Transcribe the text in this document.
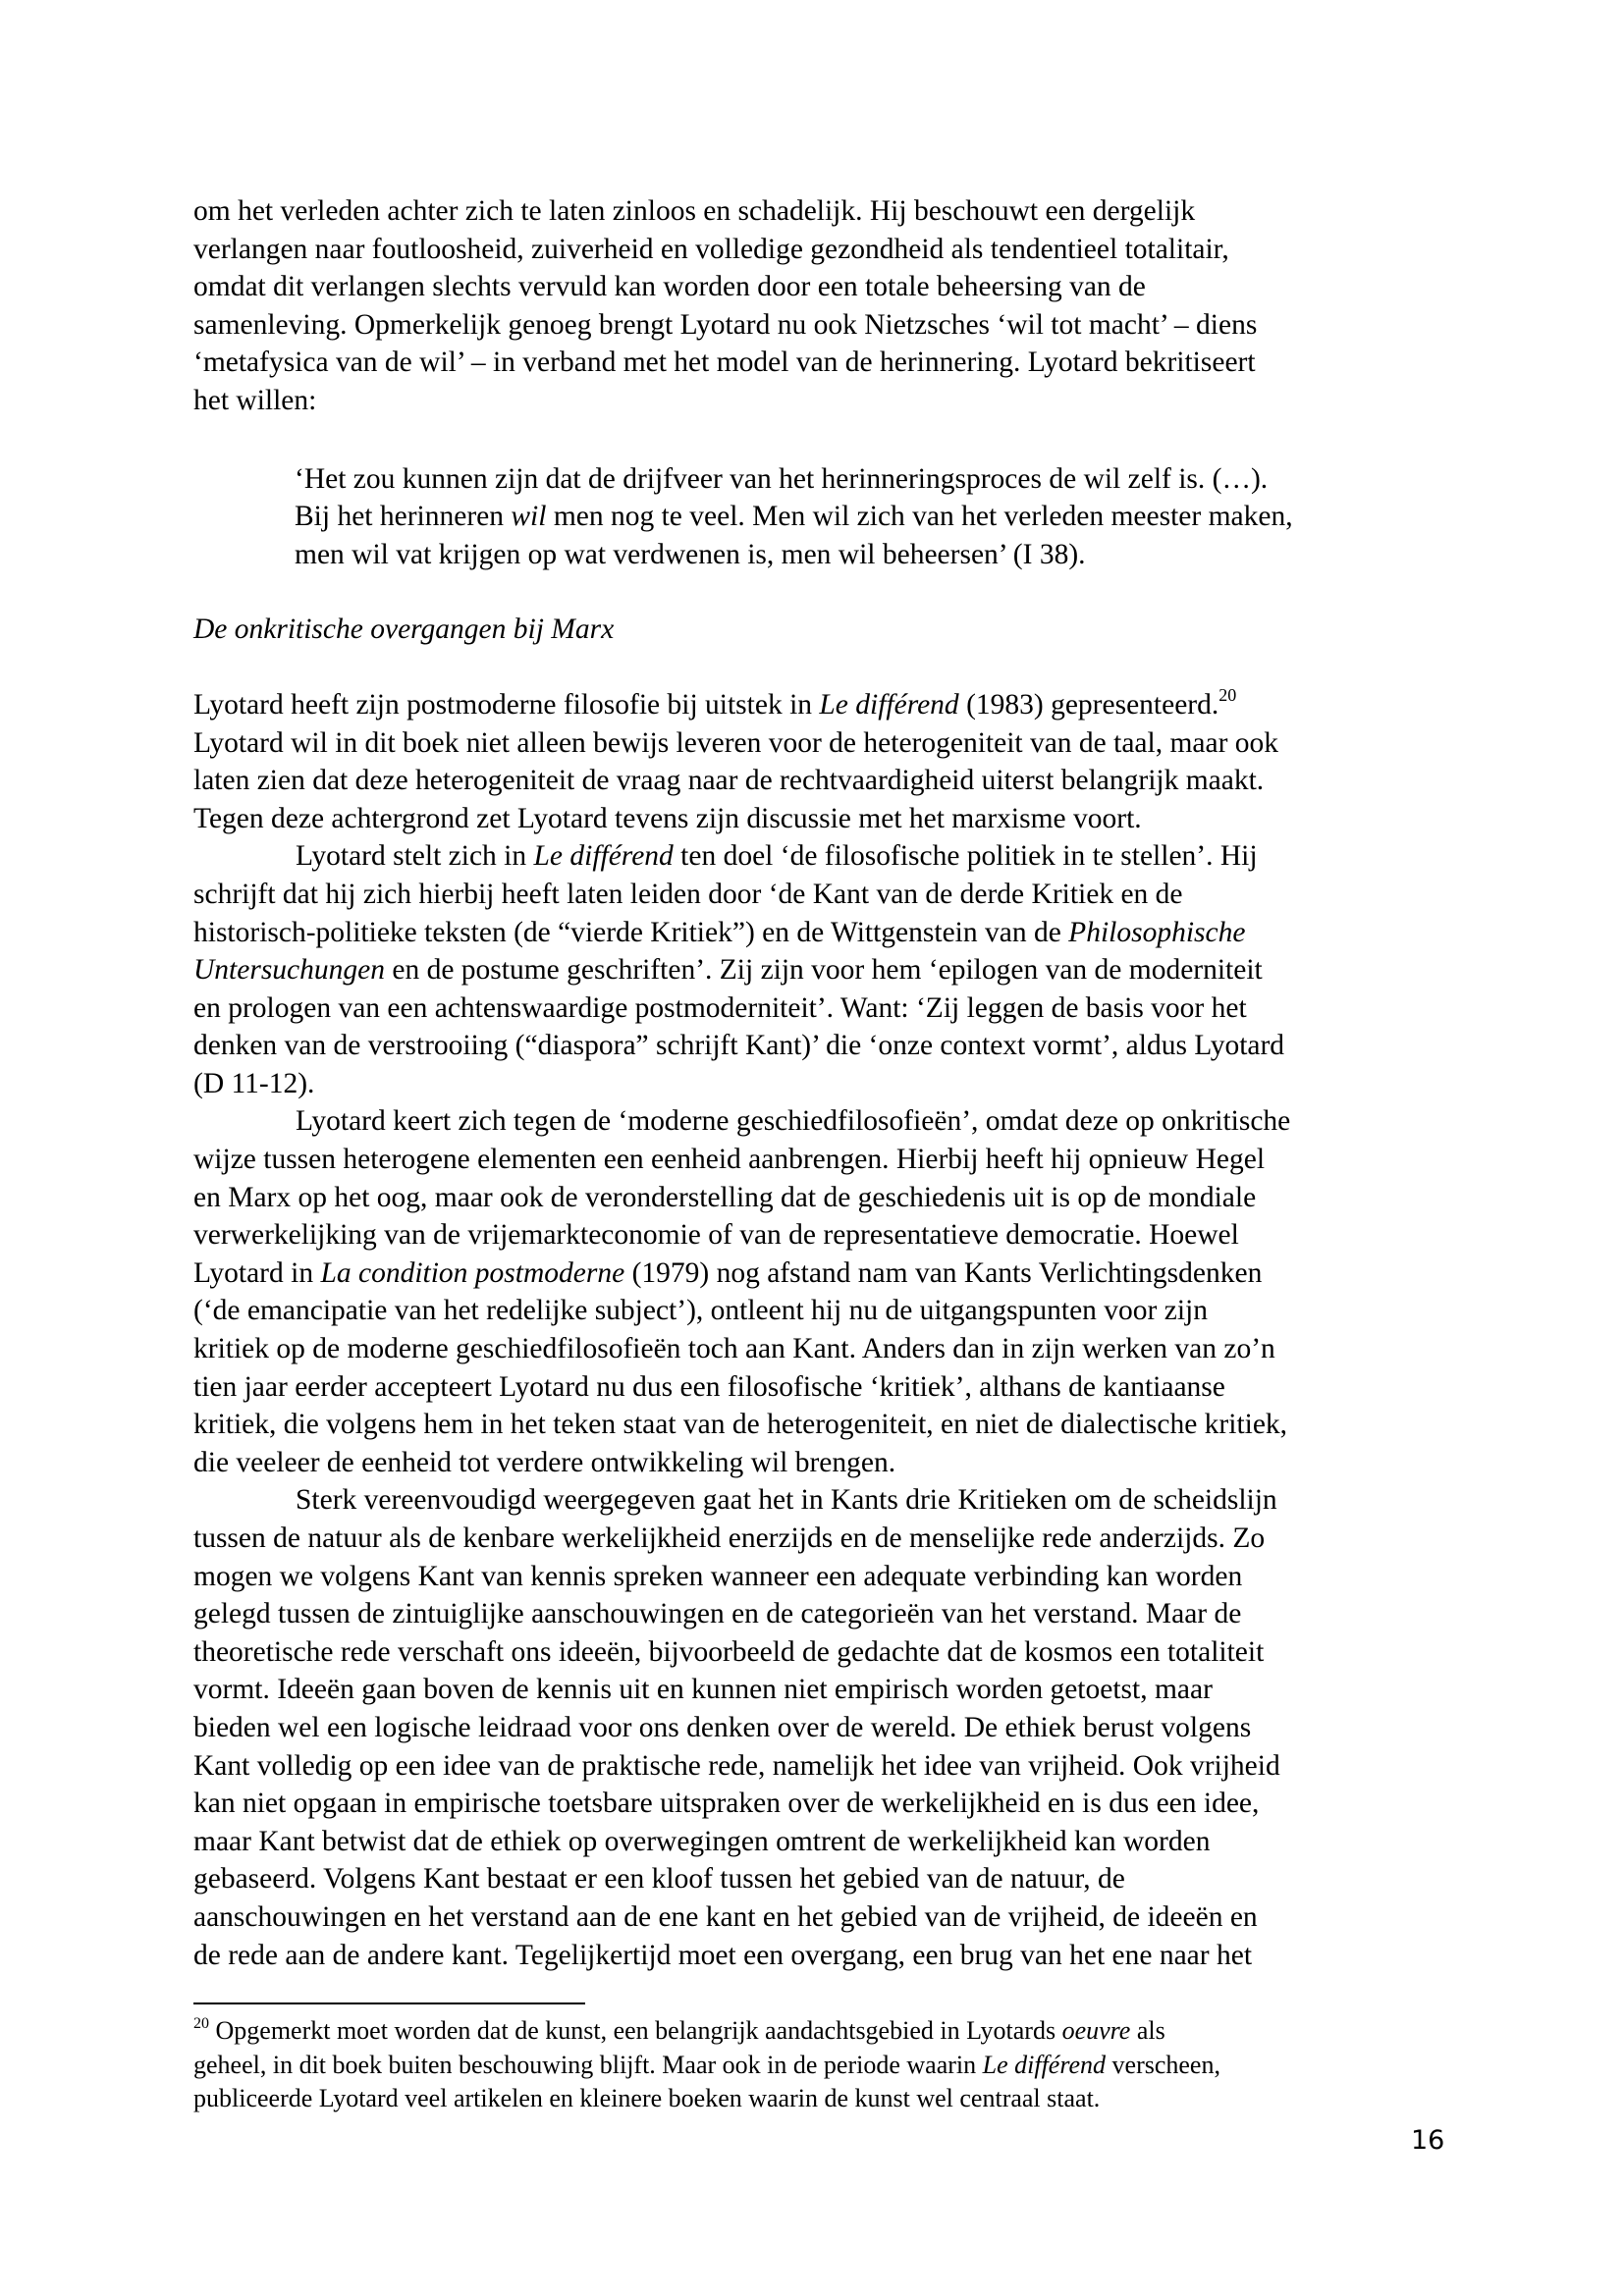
om het verleden achter zich te laten zinloos en schadelijk. Hij beschouwt een dergelijk
verlangen naar foutloosheid, zuiverheid en volledige gezondheid als tendentieel totalitair,
omdat dit verlangen slechts vervuld kan worden door een totale beheersing van de
samenleving. Opmerkelijk genoeg brengt Lyotard nu ook Nietzsches ‘wil tot macht’ – diens
‘metafysica van de wil’ – in verband met het model van de herinnering. Lyotard bekritiseert
het willen:

‘Het zou kunnen zijn dat de drijfveer van het herinneringsproces de wil zelf is. (…).
Bij het herinneren wil men nog te veel. Men wil zich van het verleden meester maken,
men wil vat krijgen op wat verdwenen is, men wil beheersen’ (I 38).

De onkritische overgangen bij Marx

Lyotard heeft zijn postmoderne filosofie bij uitstek in Le différend (1983) gepresenteerd.$^{20}$
Lyotard wil in dit boek niet alleen bewijs leveren voor de heterogeniteit van de taal, maar ook
laten zien dat deze heterogeniteit de vraag naar de rechtvaardigheid uiterst belangrijk maakt.
Tegen deze achtergrond zet Lyotard tevens zijn discussie met het marxisme voort.

Lyotard stelt zich in Le différend ten doel ‘de filosofische politiek in te stellen’. Hij
schrijft dat hij zich hierbij heeft laten leiden door ‘de Kant van de derde Kritiek en de
historisch-politieke teksten (de “vierde Kritiek”) en de Wittgenstein van de Philosophische
Untersuchungen en de postume geschriften’. Zij zijn voor hem ‘epilogen van de moderniteit
en prologen van een achtenswaardige postmoderniteit’. Want: ‘Zij leggen de basis voor het
denken van de verstrooiing (“diaspora” schrijft Kant)’ die ‘onze context vormt’, aldus Lyotard
(D 11-12).

Lyotard keert zich tegen de ‘moderne geschiedfilosofieën’, omdat deze op onkritische
wijze tussen heterogene elementen een eenheid aanbrengen. Hierbij heeft hij opnieuw Hegel
en Marx op het oog, maar ook de veronderstelling dat de geschiedenis uit is op de mondiale
verwerkelijking van de vrijemarkteconomie of van de representatieve democratie. Hoewel
Lyotard in La condition postmoderne (1979) nog afstand nam van Kants Verlichtingsdenken
(‘de emancipatie van het redelijke subject’), ontleent hij nu de uitgangspunten voor zijn
kritiek op de moderne geschiedfilosofieën toch aan Kant. Anders dan in zijn werken van zo’n
tien jaar eerder accepteert Lyotard nu dus een filosofische ‘kritiek’, althans de kantiaanse
kritiek, die volgens hem in het teken staat van de heterogeniteit, en niet de dialectische kritiek,
die veeleer de eenheid tot verdere ontwikkeling wil brengen.

Sterk vereenvoudigd weergegeven gaat het in Kants drie Kritieken om de scheidslijn
tussen de natuur als de kenbare werkelijkheid enerzijds en de menselijke rede anderzijds. Zo
mogen we volgens Kant van kennis spreken wanneer een adequate verbinding kan worden
gelegd tussen de zintuiglijke aanschouwingen en de categorieën van het verstand. Maar de
theoretische rede verschaft ons ideeën, bijvoorbeeld de gedachte dat de kosmos een totaliteit
vormt. Ideeën gaan boven de kennis uit en kunnen niet empirisch worden getoetst, maar
bieden wel een logische leidraad voor ons denken over de wereld. De ethiek berust volgens
Kant volledig op een idee van de praktische rede, namelijk het idee van vrijheid. Ook vrijheid
kan niet opgaan in empirische toetsbare uitspraken over de werkelijkheid en is dus een idee,
maar Kant betwist dat de ethiek op overwegingen omtrent de werkelijkheid kan worden
gebaseerd. Volgens Kant bestaat er een kloof tussen het gebied van de natuur, de
aanschouwingen en het verstand aan de ene kant en het gebied van de vrijheid, de ideeën en
de rede aan de andere kant. Tegelijkertijd moet een overgang, een brug van het ene naar het

$^{20}$ Opgemerkt moet worden dat de kunst, een belangrijk aandachtsgebied in Lyotards oeuvre als
geheel, in dit boek buiten beschouwing blijft. Maar ook in de periode waarin Le différend verscheen,
publiceerde Lyotard veel artikelen en kleinere boeken waarin de kunst wel centraal staat.
16
